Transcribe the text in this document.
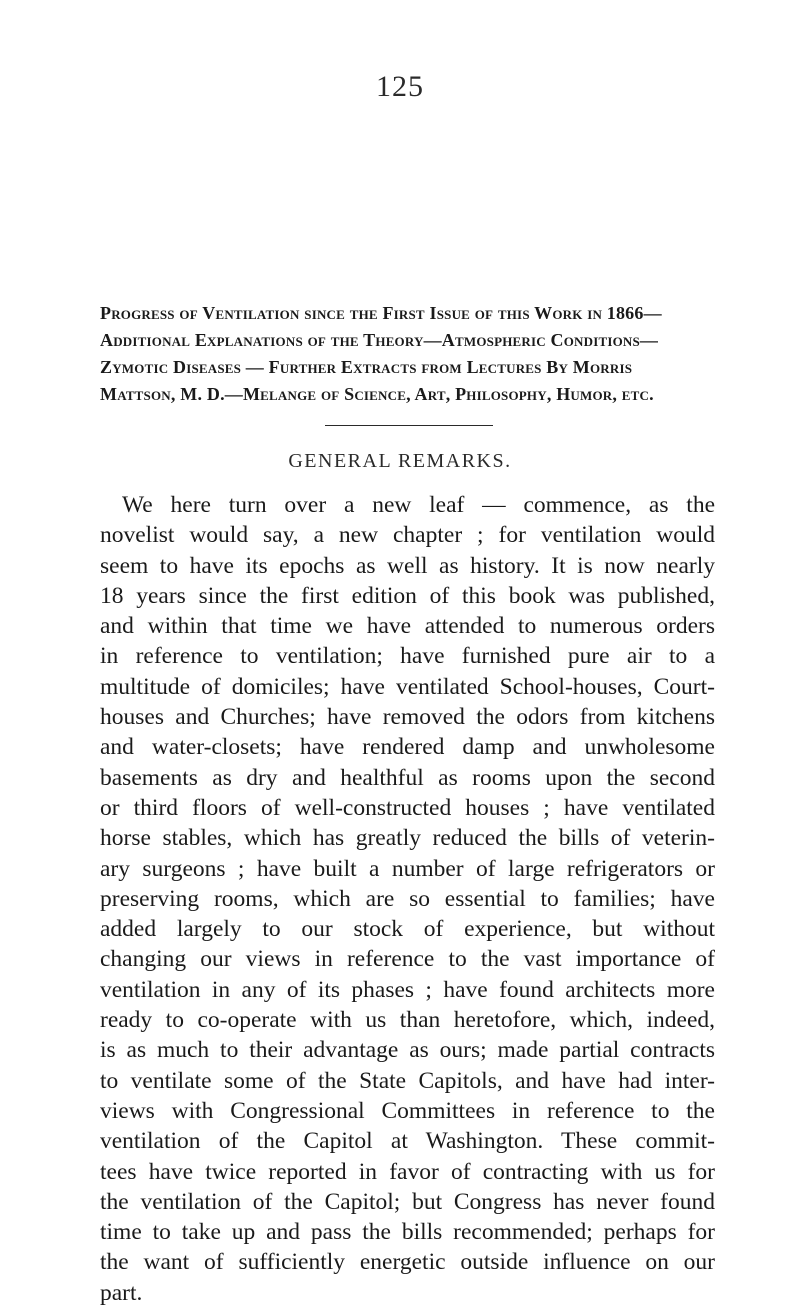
125
Progress of Ventilation since the First Issue of this Work in 1866—
Additional Explanations of the Theory—Atmospheric Conditions—
Zymotic Diseases — Further Extracts from Lectures By Morris
Mattson, M. D.—Melange of Science, Art, Philosophy, Humor, etc.
GENERAL REMARKS.
We here turn over a new leaf — commence, as the
novelist would say, a new chapter ; for ventilation would
seem to have its epochs as well as history. It is now nearly
18 years since the first edition of this book was published,
and within that time we have attended to numerous orders
in reference to ventilation; have furnished pure air to a
multitude of domiciles; have ventilated School-houses, Court-
houses and Churches; have removed the odors from kitchens
and water-closets; have rendered damp and unwholesome
basements as dry and healthful as rooms upon the second
or third floors of well-constructed houses ; have ventilated
horse stables, which has greatly reduced the bills of veterin-
ary surgeons ; have built a number of large refrigerators or
preserving rooms, which are so essential to families; have
added largely to our stock of experience, but without
changing our views in reference to the vast importance of
ventilation in any of its phases ; have found architects more
ready to co-operate with us than heretofore, which, indeed,
is as much to their advantage as ours; made partial contracts
to ventilate some of the State Capitols, and have had inter-
views with Congressional Committees in reference to the
ventilation of the Capitol at Washington. These commit-
tees have twice reported in favor of contracting with us for
the ventilation of the Capitol; but Congress has never found
time to take up and pass the bills recommended; perhaps for
the want of sufficiently energetic outside influence on our
part.
